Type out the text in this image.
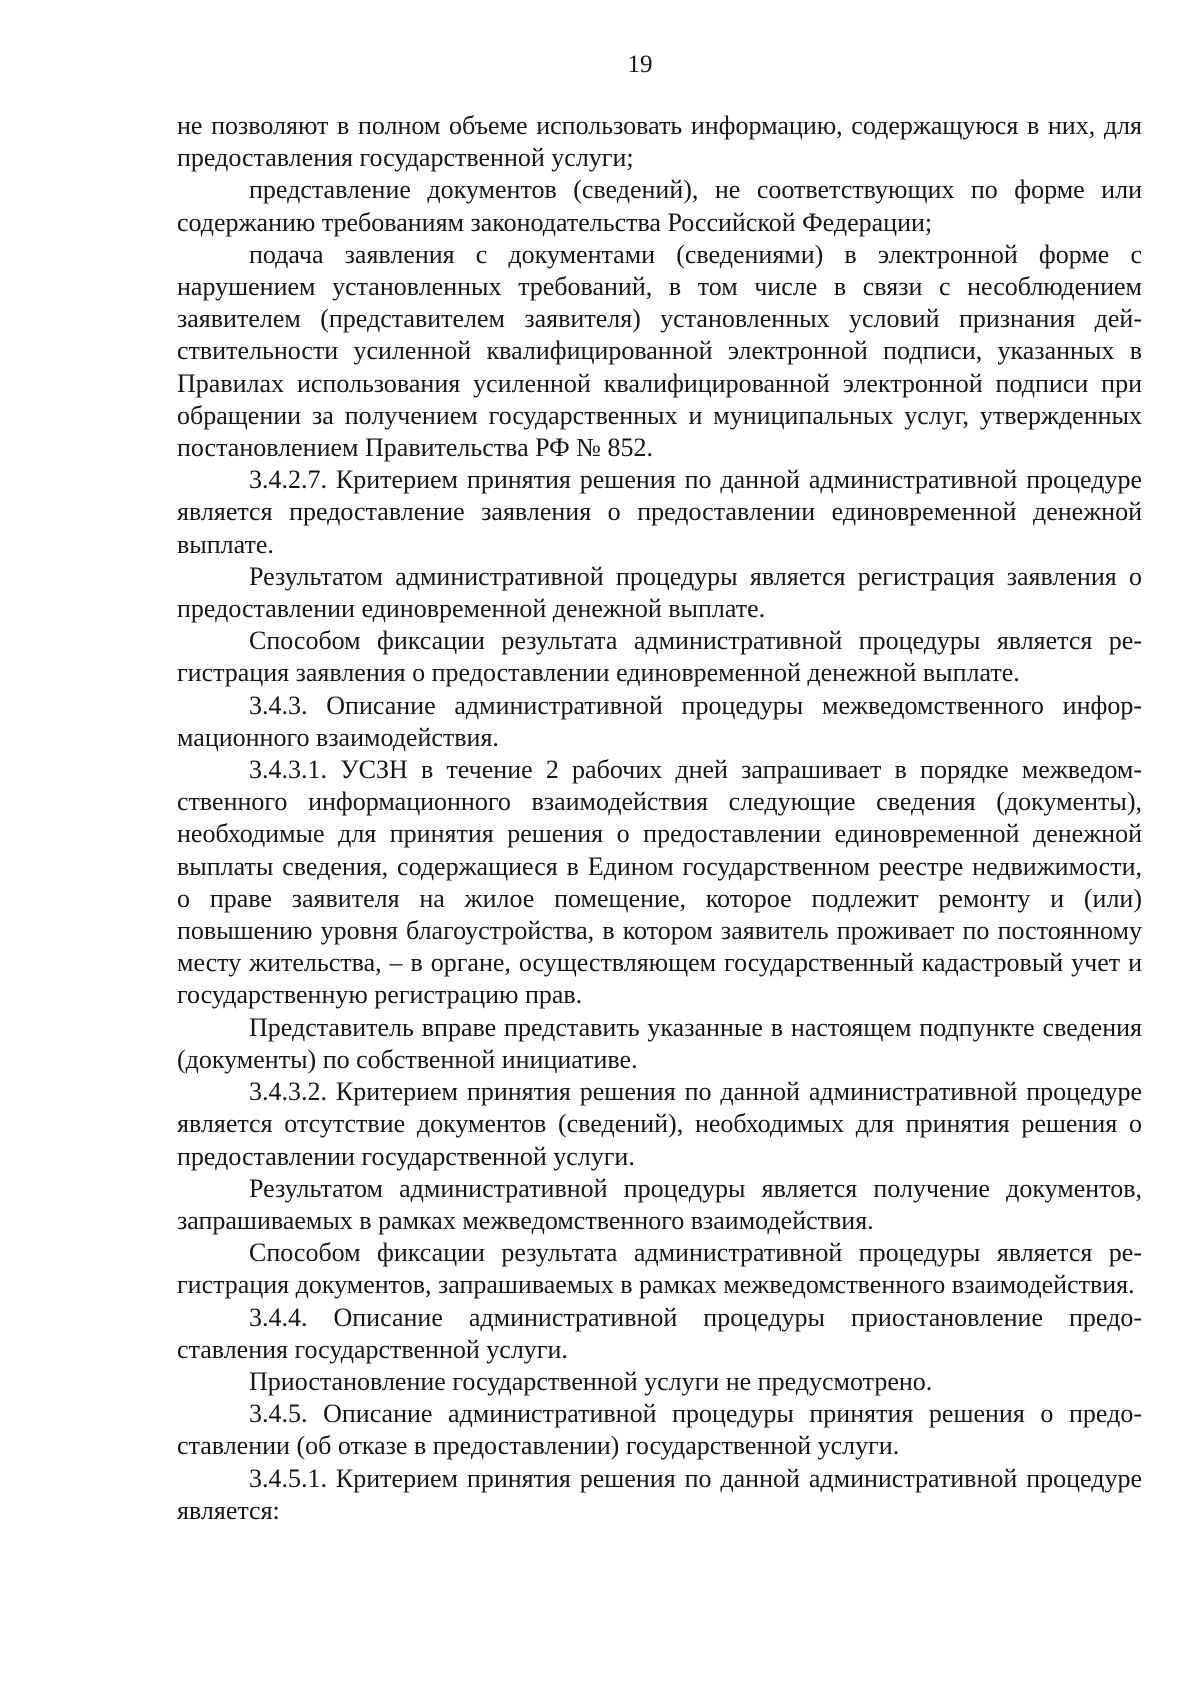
19

не позволяют в полном объеме использовать информацию, содержащуюся в них, для предоставления государственной услуги;

представление документов (сведений), не соответствующих по форме или содержанию требованиям законодательства Российской Федерации;

подача заявления с документами (сведениями) в электронной форме с нарушением установленных требований, в том числе в связи с несоблюдением заявителем (представителем заявителя) установленных условий признания действительности усиленной квалифицированной электронной подписи, указанных в Правилах использования усиленной квалифицированной электронной подписи при обращении за получением государственных и муниципальных услуг, утвержденных постановлением Правительства РФ № 852.

3.4.2.7. Критерием принятия решения по данной административной процедуре является предоставление заявления о предоставлении единовременной денежной выплате.

Результатом административной процедуры является регистрация заявления о предоставлении единовременной денежной выплате.

Способом фиксации результата административной процедуры является регистрация заявления о предоставлении единовременной денежной выплате.

3.4.3. Описание административной процедуры межведомственного информационного взаимодействия.

3.4.3.1. УСЗН в течение 2 рабочих дней запрашивает в порядке межведомственного информационного взаимодействия следующие сведения (документы), необходимые для принятия решения о предоставлении единовременной денежной выплаты сведения, содержащиеся в Едином государственном реестре недвижимости, о праве заявителя на жилое помещение, которое подлежит ремонту и (или) повышению уровня благоустройства, в котором заявитель проживает по постоянному месту жительства, – в органе, осуществляющем государственный кадастровый учет и государственную регистрацию прав.

Представитель вправе представить указанные в настоящем подпункте сведения (документы) по собственной инициативе.

3.4.3.2. Критерием принятия решения по данной административной процедуре является отсутствие документов (сведений), необходимых для принятия решения о предоставлении государственной услуги.

Результатом административной процедуры является получение документов, запрашиваемых в рамках межведомственного взаимодействия.

Способом фиксации результата административной процедуры является регистрация документов, запрашиваемых в рамках межведомственного взаимодействия.

3.4.4. Описание административной процедуры приостановление предоставления государственной услуги.

Приостановление государственной услуги не предусмотрено.

3.4.5. Описание административной процедуры принятия решения о предоставлении (об отказе в предоставлении) государственной услуги.

3.4.5.1. Критерием принятия решения по данной административной процедуре является:
